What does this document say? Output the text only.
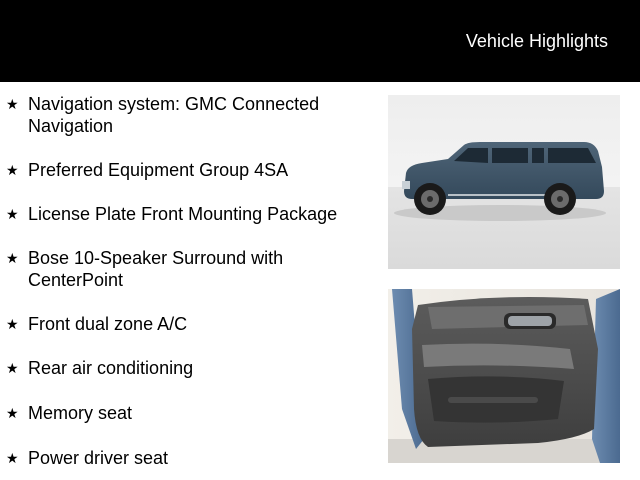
Vehicle Highlights
★ Navigation system: GMC Connected Navigation
★ Preferred Equipment Group 4SA
★ License Plate Front Mounting Package
★ Bose 10-Speaker Surround with CenterPoint
★ Front dual zone A/C
★ Rear air conditioning
★ Memory seat
★ Power driver seat
